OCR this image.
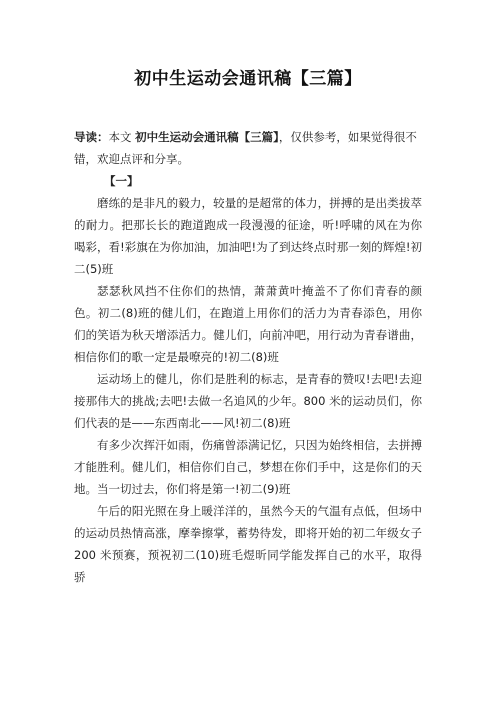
初中生运动会通讯稿【三篇】

导读：本文 初中生运动会通讯稿【三篇】，仅供参考，如果觉得很不错，欢迎点评和分享。

【一】

磨练的是非凡的毅力，较量的是超常的体力，拼搏的是出类拔萃的耐力。把那长长的跑道跑成一段漫漫的征途，听!呼啸的风在为你喝彩，看!彩旗在为你加油，加油吧!为了到达终点时那一刻的辉煌!初二(5)班

瑟瑟秋风挡不住你们的热情，萧萧黄叶掩盖不了你们青春的颜色。初二(8)班的健儿们，在跑道上用你们的活力为青春添色，用你们的笑语为秋天增添活力。健儿们，向前冲吧，用行动为青春谱曲，相信你们的歌一定是最嘹亮的!初二(8)班

运动场上的健儿，你们是胜利的标志，是青春的赞叹!去吧!去迎接那伟大的挑战;去吧!去做一名追风的少年。800 米的运动员们，你们代表的是——东西南北——风!初二(8)班

有多少次挥汗如雨，伤痛曾添满记忆，只因为始终相信，去拼搏才能胜利。健儿们，相信你们自己，梦想在你们手中，这是你们的天地。当一切过去，你们将是第一!初二(9)班

午后的阳光照在身上暖洋洋的，虽然今天的气温有点低，但场中的运动员热情高涨，摩拳擦掌，蓄势待发，即将开始的初二年级女子 200 米预赛，预祝初二(10)班毛煜昕同学能发挥自己的水平，取得骄
